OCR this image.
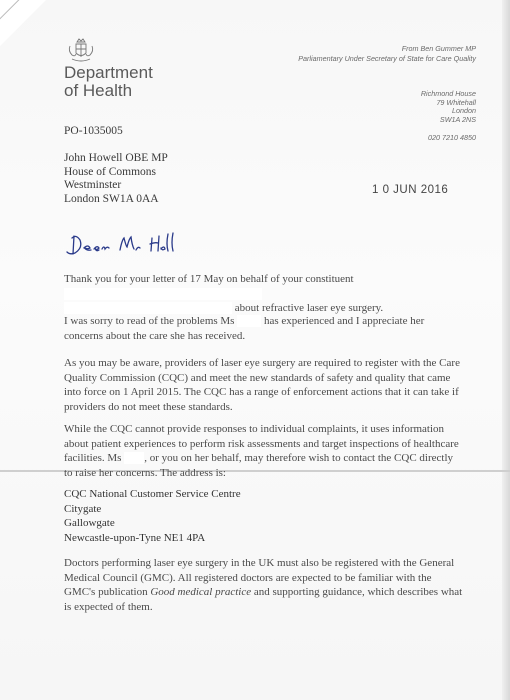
Department
of Health
From Ben Gummer MP
Parliamentary Under Secretary of State for Care Quality
Richmond House
79 Whitehall
London
SW1A 2NS
020 7210 4850
PO-1035005
John Howell OBE MP
House of Commons
Westminster
London SW1A 0AA
1 0 JUN 2016

Thank you for your letter of 17 May on behalf of your constituent

about refractive laser eye surgery.

I was sorry to read of the problems Ms	has experienced and I appreciate her

concerns about the care she has received.

As you may be aware, providers of laser eye surgery are required to register with the Care Quality Commission (CQC) and meet the new standards of safety and quality that came into force on 1 April 2015. The CQC has a range of enforcement actions that it can take if providers do not meet these standards.

While the CQC cannot provide responses to individual complaints, it uses information about patient experiences to perform risk assessments and target inspections of healthcare facilities. Ms , or you on her behalf, may therefore wish to contact the CQC directly to raise her concerns. The address is:

CQC National Customer Service Centre
Citygate
Gallowgate
Newcastle-upon-Tyne NE1 4PA

Doctors performing laser eye surgery in the UK must also be registered with the General Medical Council (GMC). All registered doctors are expected to be familiar with the GMC's publication Good medical practice and supporting guidance, which describes what is expected of them.
